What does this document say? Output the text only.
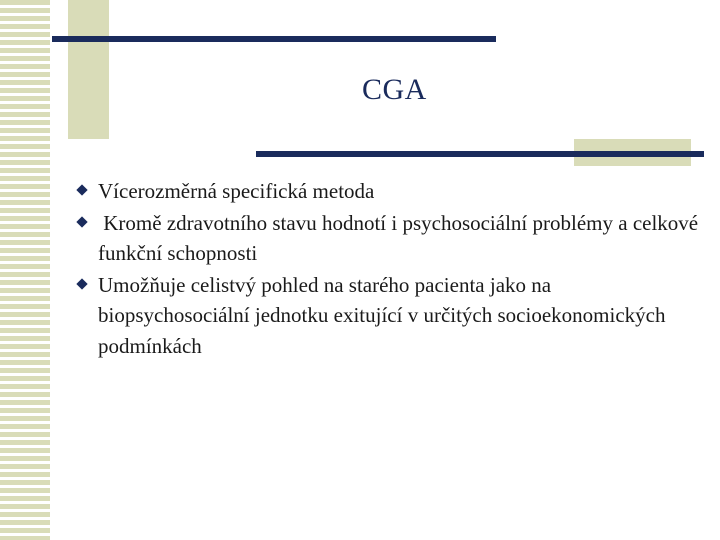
CGA
Vícerozměrná specifická metoda
Kromě zdravotního stavu hodnotí i psychosociální problémy a celkové funkční schopnosti
Umožňuje celistvý pohled na starého pacienta jako na biopsychosociální jednotku exitující v určitých socioekonomických podmínkách
